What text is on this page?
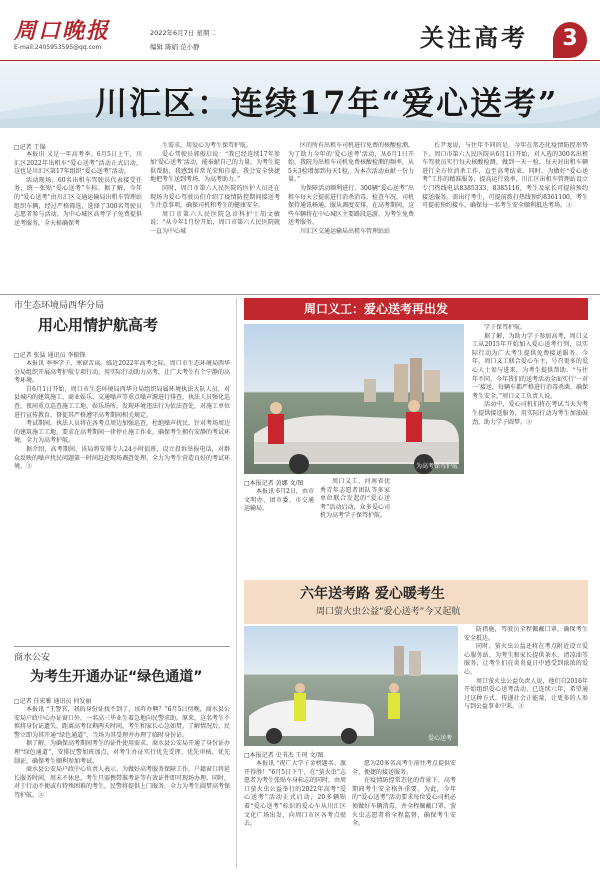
周口晚报
E-mail:2405953595@qq.com
2022年6月7日 星期二
编辑 陈娟 范小静	关注高考	3
川汇区：连续17年“爱心送考”
□记者 王锦

本报讯 又是一年高考季。6月5日上午，川汇区2022年出租车“爱心送考”活动正式启动，这也是川汇区第17年组织“爱心送考”活动。

活动现场，60名出租车驾驶员代表接受任务，统一张贴“爱心送考”车标。据了解，今年的“爱心送考”由川汇区交通运输局出租车管理站组织车辆，经过严格筛选，选择了300名驾驶员志愿者参与活动，为中心城区高考学子免费提供送考服务，全天候确保考

生需求，用爱心为考生保驾护航。

爱心驾驶员郭俊启说：“我已经连续17年参加‘爱心送考’活动，能奉献自己的力量，为考生提供帮助，我感到非常光荣和自豪。我会安全快捷地把考生送到考场，为高考助力。”

同时，周口市第六人民医院的医护人员还在现场为爱心驾驶员们介绍了疫情防控期间接送考生注意事项，确保司机和考生的健康安全。

周口市第六人民医院急诊科护士胡文敏说：“从今年1月份开始，周口市第六人民医院就一直为中心城

区的所有出租车司机进行免费的核酸检测，为了助力今年的‘爱心送考’活动，从6月1日开始，我院为出租车司机免费核酸检测的频率，从5天3检增加到每天1检，为本次活动贡献一份力量。”

为保障活动顺利进行，300辆“爱心送考”出租车每天会提前进行消杀消毒，检查车况，司机保持通讯畅通，服从调度安排。在高考期间，这些车辆将在中心城区主要路段巡游，为考生免费送考服务。

川汇区交通运输局出租车管理站站

长尹龙说，与往年不同的是，今年在常态化疫情防控形势下，周口市第六人民医院从6月1日开始，对入选的300名出租车驾驶员实行每天核酸检测，做到一天一检，每天对出租车辆进行全方位消杀工作，直至高考结束。同时，为做好“爱心送考”工作的精准服务，提高运行效率，川汇区出租车管理站设立专门热线电话8385333、8385116，考生及家长可提前预约接送服务。需出行考生，可提前拨打热线预约8361100，考生可提前预约接车，确保每一名考生安全顺利抵达考场。③

市生态环境局西华分局
用心用情护航高考
□记者 张猛 通讯员 李振锋

本报讯 季季学子，寒窗苦读。临近2022年高考之际，周口市生态环境局西华分局组织开展高考护航专项行动，用实际行动助力高考，让广大考生有个宁静的高考环境。

自6月1日开始，周口市生态环境局西华分局组织局属环境执法大队人员，对县城内的建筑施工、商业娱乐、交通噪声等重点噪声源进行排查，执法人员强化巡查，夜间重点巡查施工工地、娱乐场所，发现环境违法行为依法查处，对施工单位进行宣传教育，督促其严格遵守高考期间相关规定。

考试期间，执法人员将在各考点周边加强巡查，杜绝噪声扰民，针对考场周边的建筑施工工地，要求在高考期间一律停止施工作业，确保考生拥有安静的考试环境，全力为高考护航。

据介绍，高考期间，该局将安排专人24小时值班，设立投诉举报电话，对群众反映的噪声扰民问题第一时间赶赴现场调查处理，全力为考生营造良好的考试环境。③

商水公安
为考生开通办证“绿色通道”
□记者 任宏雅 通讯员 何发丽

本报讯 “王警官，我的身份证找不到了，该咋办啊？”6月5日傍晚，商水县公安局户政中心办证窗口外，一名高三毕业生着急地向民警求助。原来，这名考生不慎将身份证遗失，距离高考仅剩两天时间，考生和家长心急如焚。了解情况后，民警立即为其开通“绿色通道”，当场为其受理并办理了临时身份证。

据了解，为确保高考期间考生的证件使用需求，商水县公安局开通了身份证办理“绿色通道”，安排民警加班加点，对考生办证实行优先受理、优先审核、优先制证，确保考生顺利参加考试。

商水县公安局户政中心负责人表示，为做好高考服务保障工作，户籍窗口将延长服务时间，周末不休息，考生只需携带准考证等有效证件即可现场办理。同时，对于行动不便或有特殊困难的考生，民警将提供上门服务，全力为考生圆梦高考保驾护航。③

周口义工：爱心送考再出发
为高考保驾护航
□本报记者 黄娜 文/图

本报讯 6月2日，由市文明办、团市委、市交通运输局、

周口义工、河南省优秀青年志愿者团队等多家单位联合发起的“爱心送考”活动启动，众多爱心司机为高考学子保驾护航。

学子保驾护航。

据了解，为助力学子参加高考，周口义工从2015年开始加入爱心送考行列，以实际行动为广大考生提供免费接送服务。今年，周口义工联合爱心车主，号召更多的爱心人士参与进来，为考生提供帮助。“与往年不同，今年我们的送考活动全面实行‘一对一’接送，每辆车都严格进行消毒杀菌，确保考生安全。”周口义工负责人说。

活动中，爱心司机们将在考试当天为考生提供接送服务，用实际行动为考生加油鼓劲，助力学子圆梦。③

六年送考路 爱心暖考生
周口萤火虫公益“爱心送考”今又起航
爱心送考
□本报记者 史书杰 王珂 文/图

本报讯 “祝广大学子金榜题名、旗开得胜！”6月5日下午，在“萤火虫”志愿者为考生张贴车身标志的同时，由周口萤火虫公益举行的2022年高考“爱心送考”活动正式启动，20多辆贴着“爱心送考”标识的爱心车从川汇区文化广场出发，向周口市区各考点驶去。

愿为20多名高考生前往考点提供安全、便捷的接送服务。

在疫情防控常态化的背景下，高考期间考生安全格外重要。为此，今年的“爱心送考”活动要求每位爱心司机必须做好车辆消毒，并全程佩戴口罩，萤火虫志愿者将全程监督，确保考生安全。

防措施，驾驶员全程佩戴口罩，确保考生安全抵达。

同时，萤火虫公益还将在考点附近设立爱心服务站，为考生和家长提供茶水、清凉油等服务，让考生们在炎炎夏日中感受到浓浓的爱心。

周口萤火虫公益负责人说，他们自2016年开始组织爱心送考活动，已连续六年，希望通过这种方式，传递社会正能量，让更多的人参与到公益事业中来。③
